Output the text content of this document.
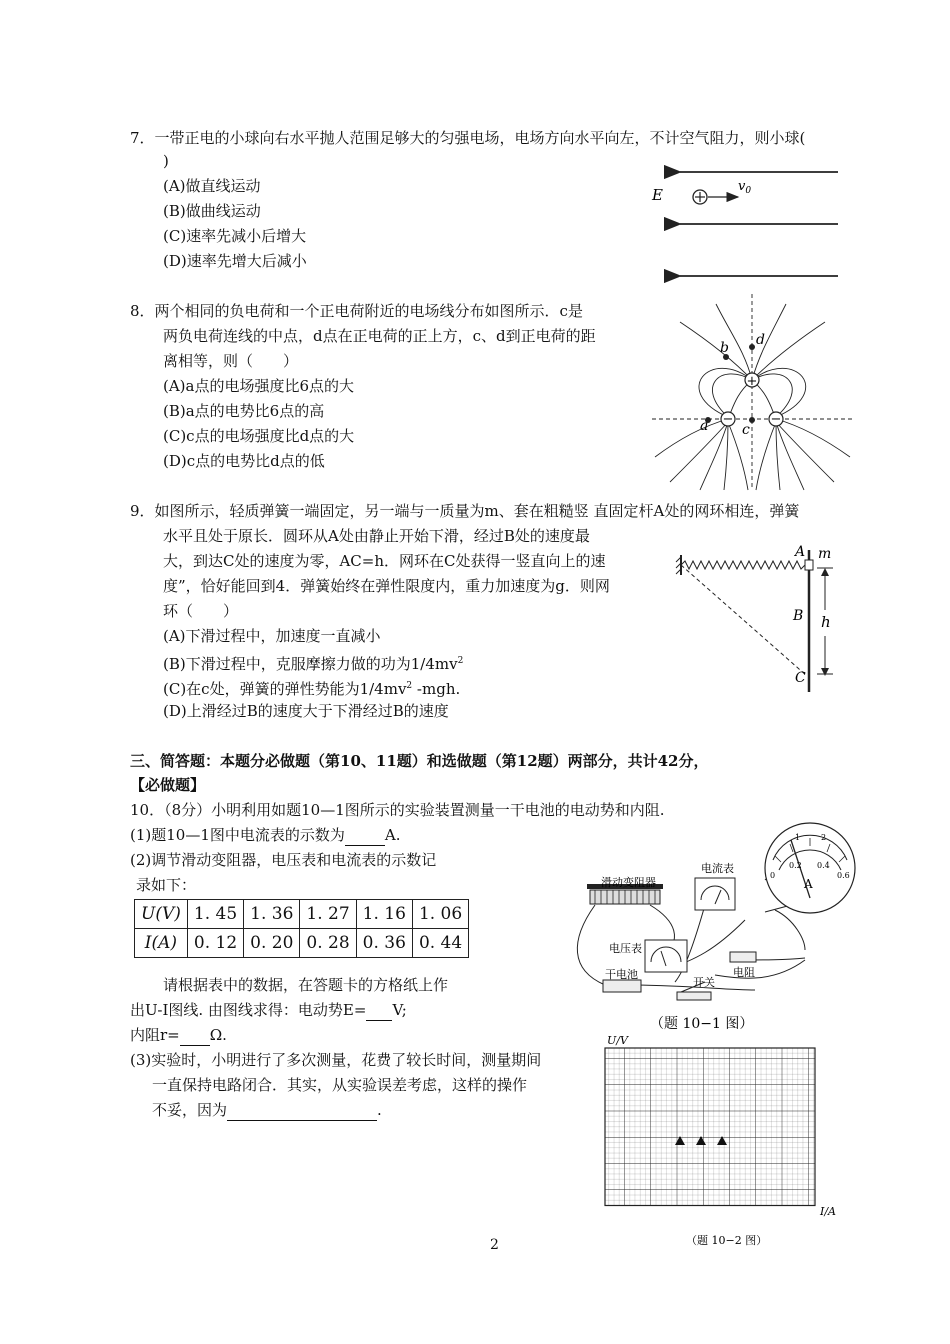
7．一带正电的小球向右水平抛人范围足够大的匀强电场，电场方向水平向左，不计空气阻力，则小球(
)
(A)做直线运动
(B)做曲线运动
(C)速率先减小后增大
(D)速率先增大后减小
E	$v_0$
8．两个相同的负电荷和一个正电荷附近的电场线分布如图所示．c是
两负电荷连线的中点，d点在正电荷的正上方，c、d到正电荷的距
离相等，则（　　）
(A)a点的电场强度比6点的大
(B)a点的电势比6点的高
(C)c点的电场强度比d点的大
(D)c点的电势比d点的低
+
−	−
b d
a c
9．如图所示，轻质弹簧一端固定，另一端与一质量为m、套在粗糙竖 直固定杆A处的网环相连，弹簧
水平且处于原长．圆环从A处由静止开始下滑，经过B处的速度最
大，到达C处的速度为零，AC=h．网环在C处获得一竖直向上的速
度”，恰好能回到4．弹簧始终在弹性限度内，重力加速度为g．则网
环（　　）
(A)下滑过程中，加速度一直减小
(B)下滑过程中，克服摩擦力做的功为$1/4mv^2$
(C)在c处，弹簧的弹性势能为$1/4mv^2$ -mgh.
(D)上滑经过B的速度大于下滑经过B的速度
A m
B h
C
三、简答题：本题分必做题（第10、11题）和选做题（第12题）两部分，共计42分，
【必做题】
10．（8分）小明利用如题10—1图所示的实验装置测量一干电池的电动势和内阻.
(1)题10—1图中电流表的示数为	A.
(2)调节滑动变阻器，电压表和电流表的示数记
录如下：
U(V)	1. 45	1. 36	1. 27	1. 16	1. 06
I(A)	0. 12	0. 20	0. 28	0. 36	0. 44
请根据表中的数据，在答题卡的方格纸上作
出U-I图线. 由图线求得：电动势E= V;
内阻r= Ω.
(3)实验时，小明进行了多次测量，花费了较长时间，测量期间
一直保持电路闭合．其实，从实验误差考虑，这样的操作
不妥，因为	.
滑动变阻器
电流表
0
0.2 0.4
0.6
1	2
A
电压表
干电池
开关
电阻
（题 10−1 图）
U/V
I/A
（题 10−2 图）
2
